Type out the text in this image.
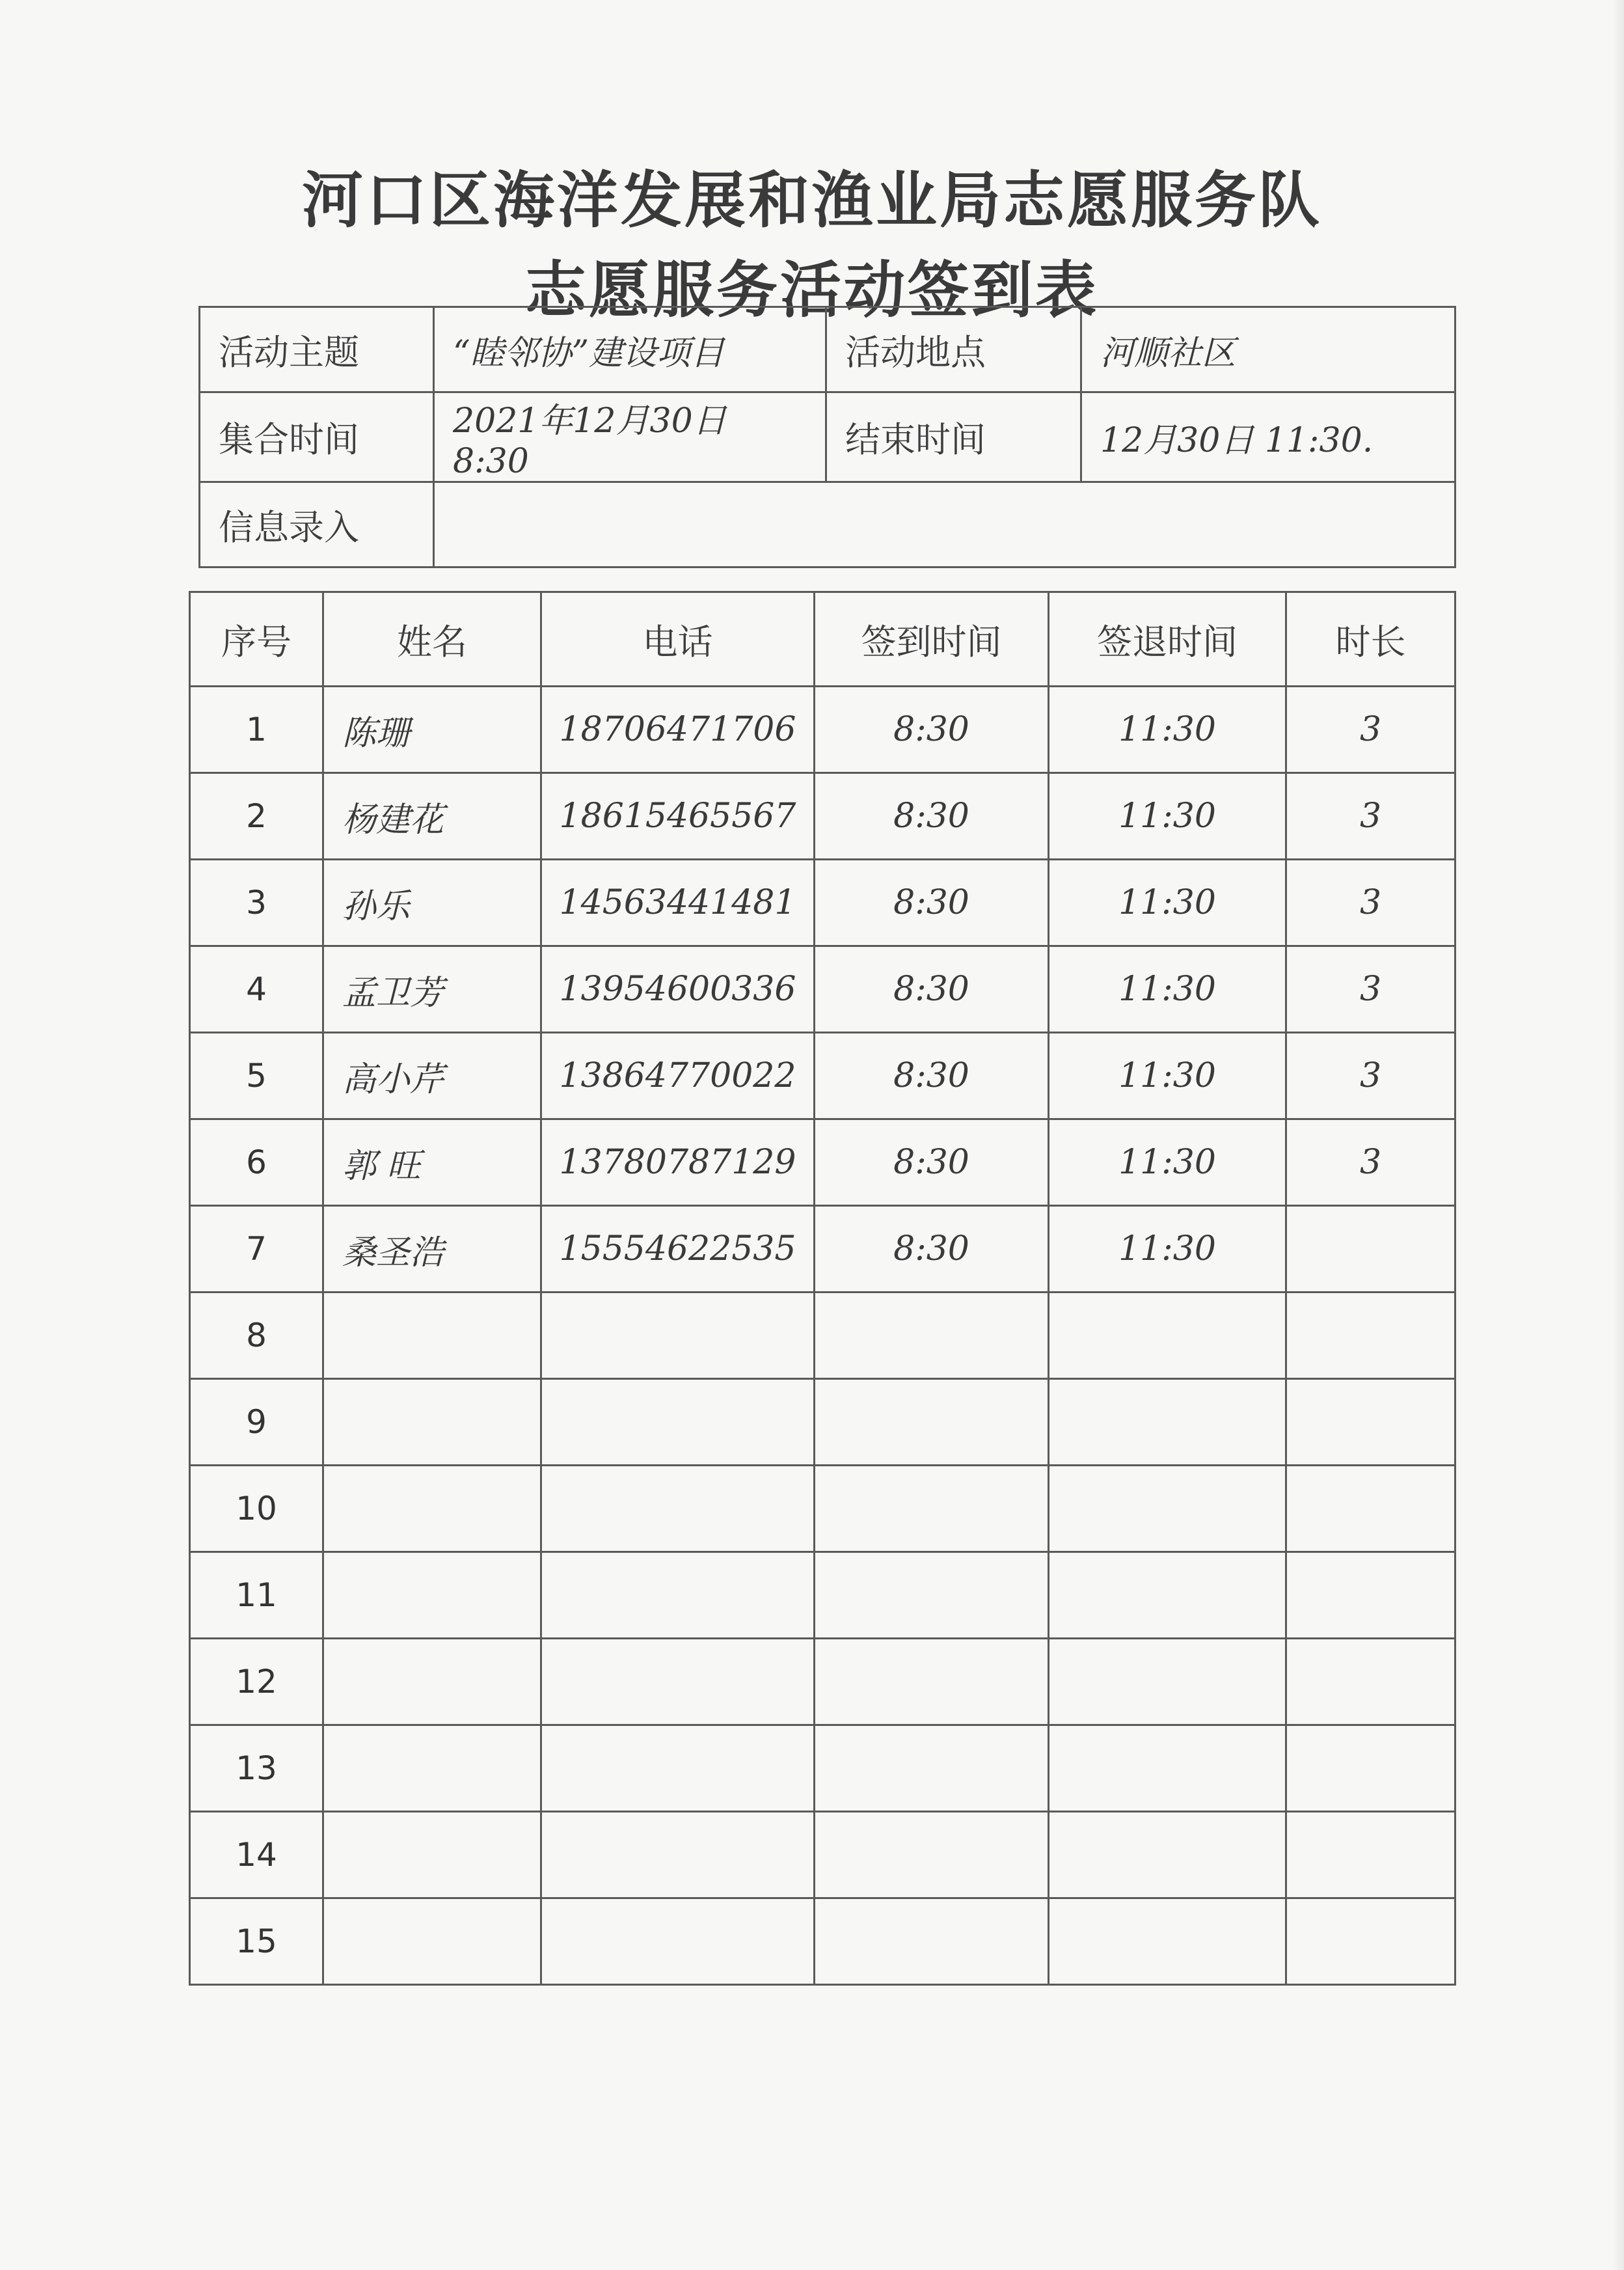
河口区海洋发展和渔业局志愿服务队
志愿服务活动签到表
活动主题	“睦邻协”建设项目	活动地点	河顺社区
集合时间	2021年12月30日 8:30	结束时间	12月30日 11:30.
信息录入			
序号	姓名	电话	签到时间	签退时间	时长
1	陈珊	18706471706	8:30	11:30	3
2	杨建花	18615465567	8:30	11:30	3
3	孙乐	14563441481	8:30	11:30	3
4	孟卫芳	13954600336	8:30	11:30	3
5	高小芹	13864770022	8:30	11:30	3
6	郭 旺	13780787129	8:30	11:30	3
7	桑圣浩	15554622535	8:30	11:30	
8					
9					
10					
11					
12					
13					
14					
15					
